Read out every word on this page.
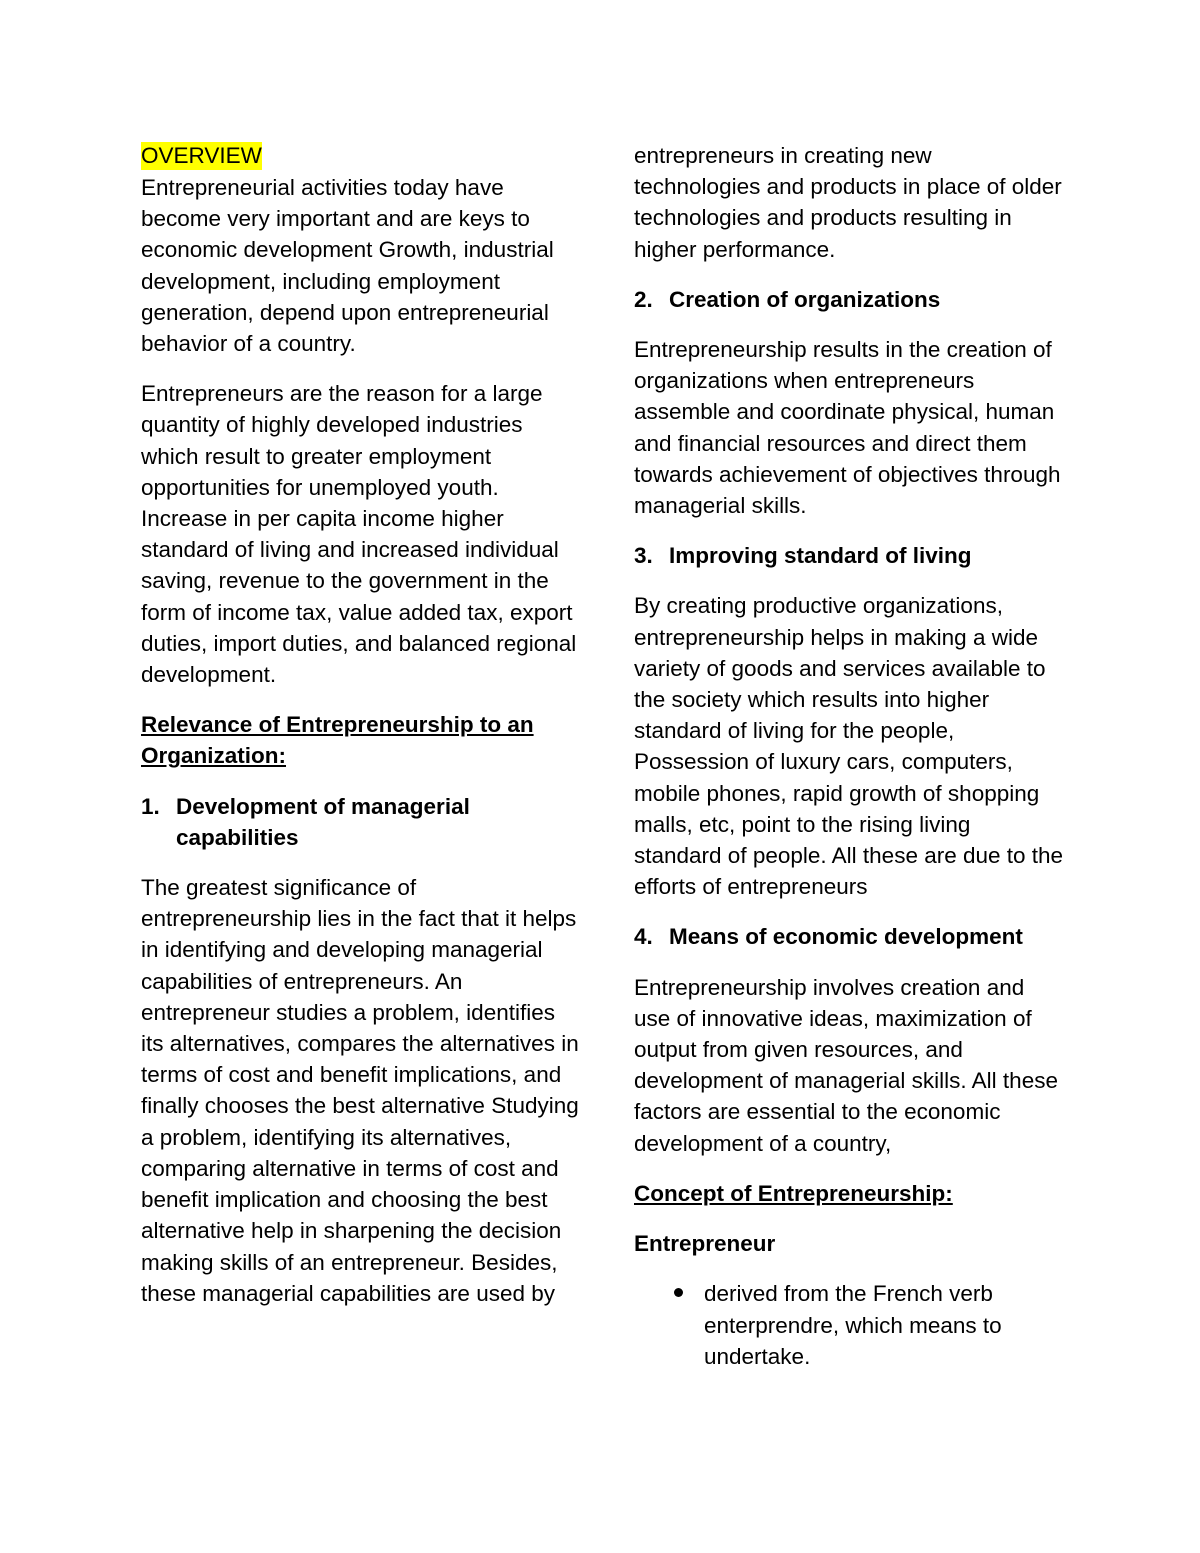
OVERVIEW

Entrepreneurial activities today have become very important and are keys to economic development Growth, industrial development, including employment generation, depend upon entrepreneurial behavior of a country.

Entrepreneurs are the reason for a large quantity of highly developed industries which result to greater employment opportunities for unemployed youth. Increase in per capita income higher standard of living and increased individual saving, revenue to the government in the form of income tax, value added tax, export duties, import duties, and balanced regional development.

Relevance of Entrepreneurship to an Organization:

1. Development of managerial capabilities

The greatest significance of entrepreneurship lies in the fact that it helps in identifying and developing managerial capabilities of entrepreneurs. An entrepreneur studies a problem, identifies its alternatives, compares the alternatives in terms of cost and benefit implications, and finally chooses the best alternative Studying a problem, identifying its alternatives, comparing alternative in terms of cost and benefit implication and choosing the best alternative help in sharpening the decision making skills of an entrepreneur. Besides, these managerial capabilities are used by

entrepreneurs in creating new technologies and products in place of older technologies and products resulting in higher performance.

2. Creation of organizations

Entrepreneurship results in the creation of organizations when entrepreneurs assemble and coordinate physical, human and financial resources and direct them towards achievement of objectives through managerial skills.

3. Improving standard of living

By creating productive organizations, entrepreneurship helps in making a wide variety of goods and services available to the society which results into higher standard of living for the people, Possession of luxury cars, computers, mobile phones, rapid growth of shopping malls, etc, point to the rising living standard of people. All these are due to the efforts of entrepreneurs

4. Means of economic development

Entrepreneurship involves creation and use of innovative ideas, maximization of output from given resources, and development of managerial skills. All these factors are essential to the economic development of a country,

Concept of Entrepreneurship:

Entrepreneur

derived from the French verb enterprendre, which means to undertake.
